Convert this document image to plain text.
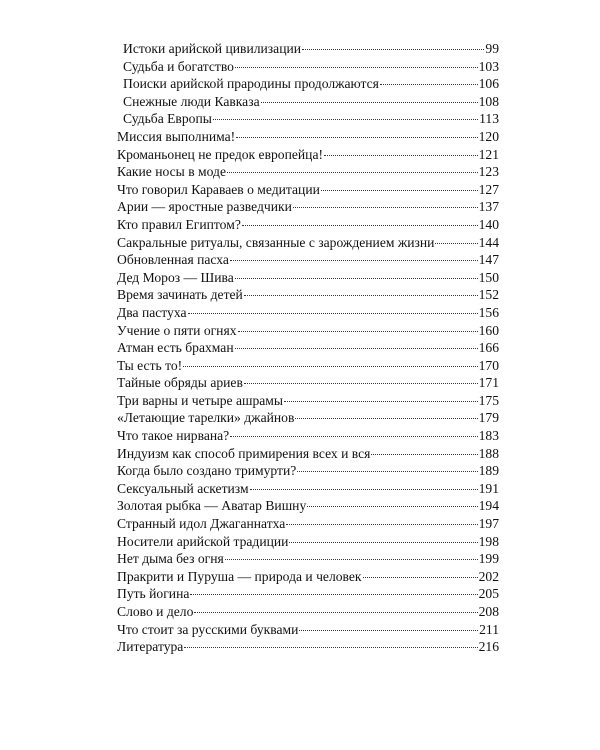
Истоки арийской цивилизации	99
Судьба и богатство	103
Поиски арийской прародины продолжаются	106
Снежные люди Кавказа	108
Судьба Европы	113
Миссия выполнима!	120
Кроманьонец не предок европейца!	121
Какие носы в моде	123
Что говорил Караваев о медитации	127
Арии — яростные разведчики	137
Кто правил Египтом?	140
Сакральные ритуалы, связанные с зарождением жизни	144
Обновленная пасха	147
Дед Мороз — Шива	150
Время зачинать детей	152
Два пастуха	156
Учение о пяти огнях	160
Атман есть брахман	166
Ты есть то!	170
Тайные обряды ариев	171
Три варны и четыре ашрамы	175
«Летающие тарелки» джайнов	179
Что такое нирвана?	183
Индуизм как способ примирения всех и вся	188
Когда было создано тримурти?	189
Сексуальный аскетизм	191
Золотая рыбка — Аватар Вишну	194
Странный идол Джаганнатха	197
Носители арийской традиции	198
Нет дыма без огня	199
Пракрити и Пуруша — природа и человек	202
Путь йогина	205
Слово и дело	208
Что стоит за русскими буквами	211
Литература	216
